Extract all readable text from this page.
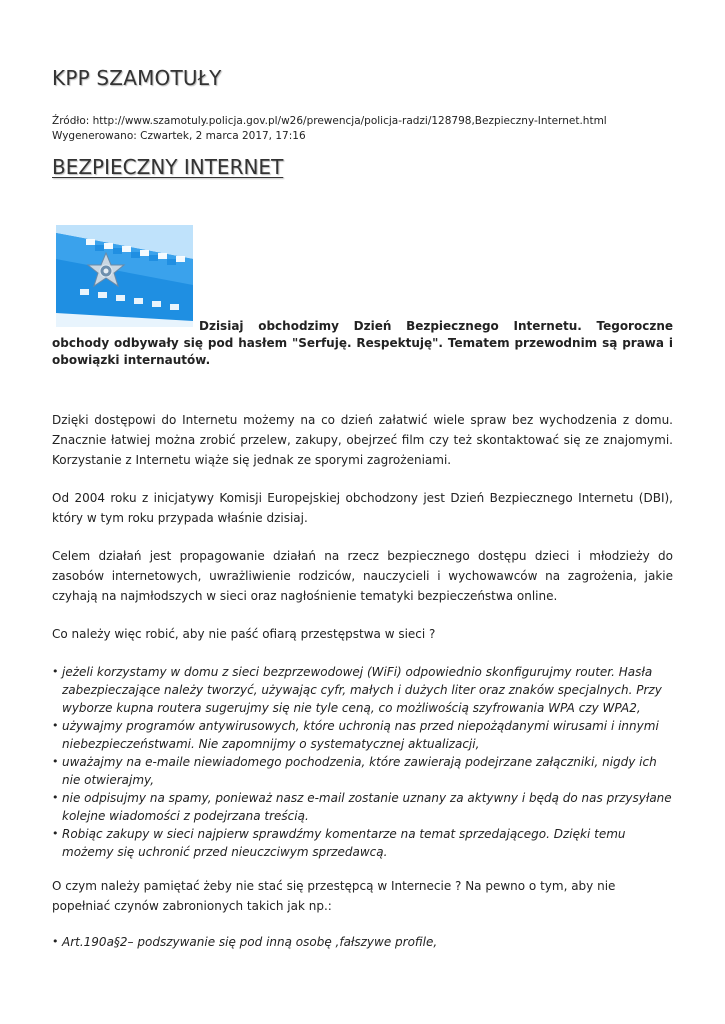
KPP SZAMOTUŁY
Źródło: http://www.szamotuly.policja.gov.pl/w26/prewencja/policja-radzi/128798,Bezpieczny-Internet.html
Wygenerowano: Czwartek, 2 marca 2017, 17:16
BEZPIECZNY INTERNET

Dzisiaj obchodzimy Dzień Bezpiecznego Internetu. Tegoroczne obchody odbywały się pod hasłem "Serfuję. Respektuję". Tematem przewodnim są prawa i obowiązki internautów.

Dzięki dostępowi do Internetu możemy na co dzień załatwić wiele spraw bez wychodzenia z domu. Znacznie łatwiej można zrobić przelew, zakupy, obejrzeć film czy też skontaktować się ze znajomymi. Korzystanie z Internetu wiąże się jednak ze sporymi zagrożeniami.

Od 2004 roku z inicjatywy Komisji Europejskiej obchodzony jest Dzień Bezpiecznego Internetu (DBI), który w tym roku przypada właśnie dzisiaj.

Celem działań jest propagowanie działań na rzecz bezpiecznego dostępu dzieci i młodzieży do zasobów internetowych, uwrażliwienie rodziców, nauczycieli i wychowawców na zagrożenia, jakie czyhają na najmłodszych w sieci oraz nagłośnienie tematyki bezpieczeństwa online.

Co należy więc robić, aby nie paść ofiarą przestępstwa w sieci ?

• jeżeli korzystamy w domu z sieci bezprzewodowej (WiFi) odpowiednio skonfigurujmy router. Hasła zabezpieczające należy tworzyć, używając cyfr, małych i dużych liter oraz znaków specjalnych. Przy wyborze kupna routera sugerujmy się nie tyle ceną, co możliwością szyfrowania WPA czy WPA2,
• używajmy programów antywirusowych, które uchronią nas przed niepożądanymi wirusami i innymi niebezpieczeństwami. Nie zapomnijmy o systematycznej aktualizacji,
• uważajmy na e-maile niewiadomego pochodzenia, które zawierają podejrzane załączniki, nigdy ich nie otwierajmy,
• nie odpisujmy na spamy, ponieważ nasz e-mail zostanie uznany za aktywny i będą do nas przysyłane kolejne wiadomości z podejrzana treścią.
• Robiąc zakupy w sieci najpierw sprawdźmy komentarze na temat sprzedającego. Dzięki temu możemy się uchronić przed nieuczciwym sprzedawcą.

O czym należy pamiętać żeby nie stać się przestępcą w Internecie ? Na pewno o tym, aby nie popełniać czynów zabronionych takich jak np.:

• Art.190a§2– podszywanie się pod inną osobę ,fałszywe profile,
